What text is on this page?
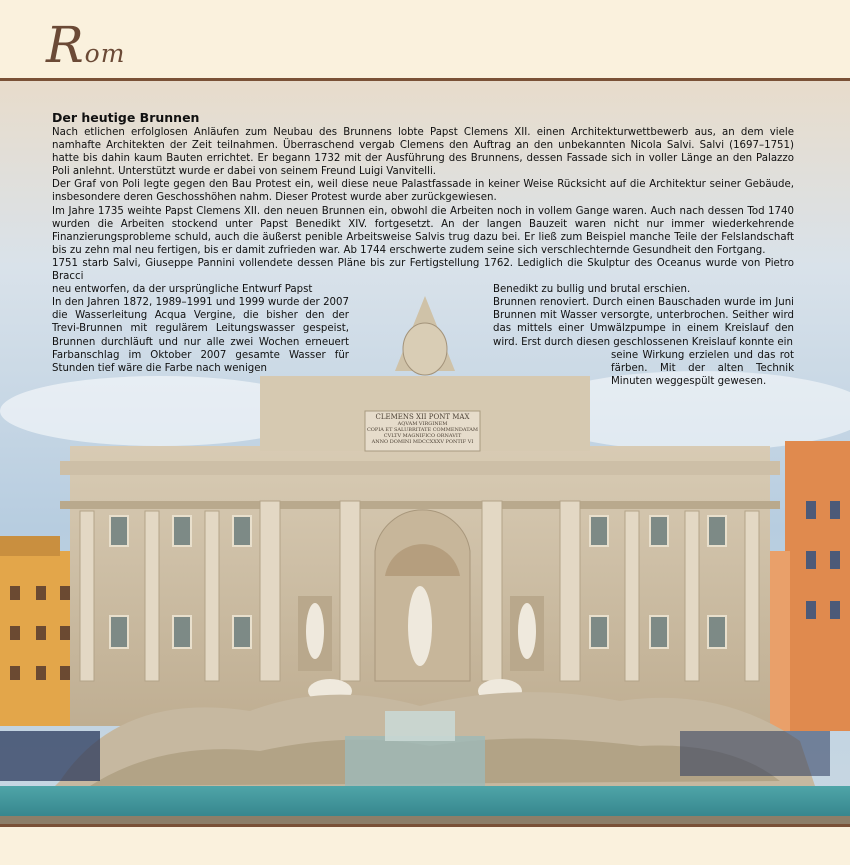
Rom
Der heutige Brunnen

Nach etlichen erfolglosen Anläufen zum Neubau des Brunnens lobte Papst Clemens XII. einen Architekturwettbewerb aus, an dem viele namhafte Architekten der Zeit teilnahmen. Überraschend vergab Clemens den Auftrag an den unbekannten Nicola Salvi. Salvi (1697–1751) hatte bis dahin kaum Bauten errichtet. Er begann 1732 mit der Ausführung des Brunnens, dessen Fassade sich in voller Länge an den Palazzo Poli anlehnt. Unterstützt wurde er dabei von seinem Freund Luigi Vanvitelli.

Der Graf von Poli legte gegen den Bau Protest ein, weil diese neue Palastfassade in keiner Weise Rücksicht auf die Architektur seiner Gebäude, insbesondere deren Geschosshöhen nahm. Dieser Protest wurde aber zurückgewiesen.

Im Jahre 1735 weihte Papst Clemens XII. den neuen Brunnen ein, obwohl die Arbeiten noch in vollem Gange waren. Auch nach dessen Tod 1740 wurden die Arbeiten stockend unter Papst Benedikt XIV. fortgesetzt. An der langen Bauzeit waren nicht nur immer wiederkehrende Finanzierungsprobleme schuld, auch die äußerst penible Arbeitsweise Salvis trug dazu bei. Er ließ zum Beispiel manche Teile der Felslandschaft bis zu zehn mal neu fertigen, bis er damit zufrieden war. Ab 1744 erschwerte zudem seine sich verschlechternde Gesundheit den Fortgang.

1751 starb Salvi, Giuseppe Pannini vollendete dessen Pläne bis zur Fertigstellung 1762. Lediglich die Skulptur des Oceanus wurde von Pietro Bracci

neu entworfen, da der ursprüngliche Entwurf Papst

In den Jahren 1872, 1989–1991 und 1999 wurde der 2007 die Wasserleitung Acqua Vergine, die bisher den der Trevi-Brunnen mit regulärem Leitungswasser gespeist, Brunnen durchläuft und nur alle zwei Wochen erneuert Farbanschlag im Oktober 2007 gesamte Wasser für Stunden tief wäre die Farbe nach wenigen

Benedikt zu bullig und brutal erschien.

Brunnen renoviert. Durch einen Bauschaden wurde im Juni Brunnen mit Wasser versorgte, unterbrochen. Seither wird das mittels einer Umwälzpumpe in einem Kreislauf den wird. Erst durch diesen geschlossenen Kreislauf konnte ein

seine Wirkung erzielen und das rot färben. Mit der alten Technik Minuten weggespült gewesen.

CLEMENS XII PONT MAX
AQVAM VIRGINEM
COPIA ET SALUBRITATE COMMENDATAM
CVLTV MAGNIFICO ORNAVIT
ANNO DOMINI MDCCXXXV PONTIF VI
